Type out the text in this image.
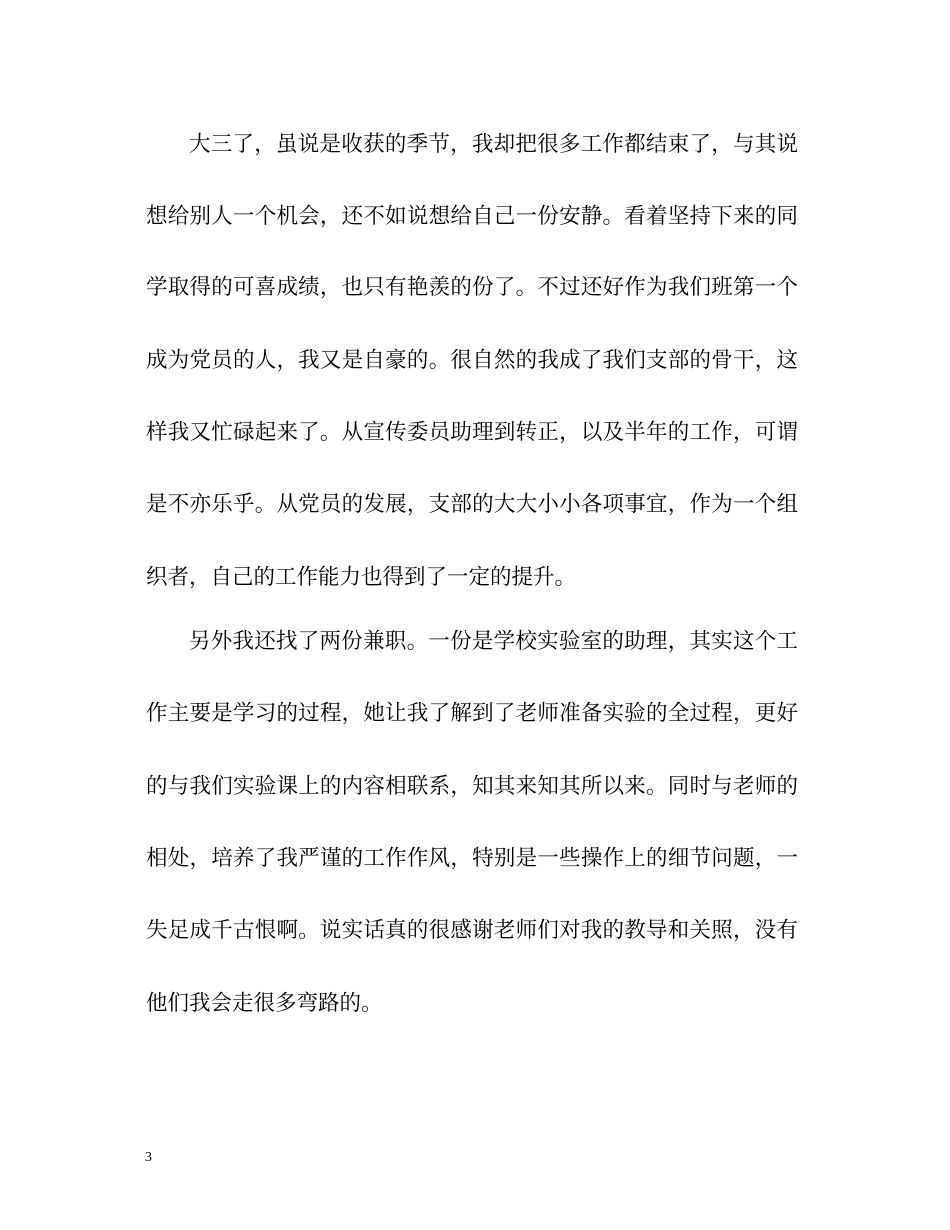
大三了，虽说是收获的季节，我却把很多工作都结束了，与其说
想给别人一个机会，还不如说想给自己一份安静。看着坚持下来的同
学取得的可喜成绩，也只有艳羡的份了。不过还好作为我们班第一个
成为党员的人，我又是自豪的。很自然的我成了我们支部的骨干，这
样我又忙碌起来了。从宣传委员助理到转正，以及半年的工作，可谓
是不亦乐乎。从党员的发展，支部的大大小小各项事宜，作为一个组
织者，自己的工作能力也得到了一定的提升。
另外我还找了两份兼职。一份是学校实验室的助理，其实这个工
作主要是学习的过程，她让我了解到了老师准备实验的全过程，更好
的与我们实验课上的内容相联系，知其来知其所以来。同时与老师的
相处，培养了我严谨的工作作风，特别是一些操作上的细节问题，一
失足成千古恨啊。说实话真的很感谢老师们对我的教导和关照，没有
他们我会走很多弯路的。
3
